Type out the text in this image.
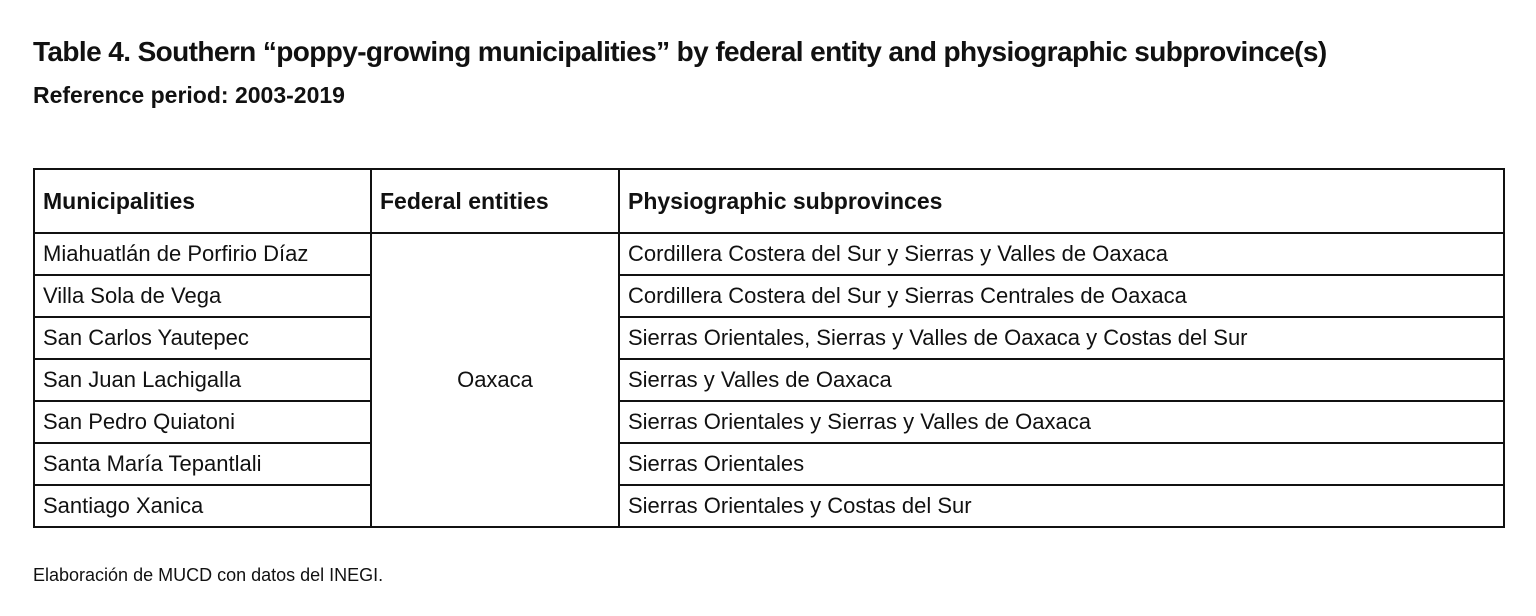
Table 4. Southern “poppy-growing municipalities” by federal entity and physiographic subprovince(s)
Reference period: 2003-2019
Municipalities	Federal entities	Physiographic subprovinces
Miahuatlán de Porfirio Díaz	Oaxaca	Cordillera Costera del Sur y Sierras y Valles de Oaxaca
Villa Sola de Vega		Cordillera Costera del Sur y Sierras Centrales de Oaxaca
San Carlos Yautepec		Sierras Orientales, Sierras y Valles de Oaxaca y Costas del Sur
San Juan Lachigalla		Sierras y Valles de Oaxaca
San Pedro Quiatoni		Sierras Orientales y Sierras y Valles de Oaxaca
Santa María Tepantlali		Sierras Orientales
Santiago Xanica		Sierras Orientales y Costas del Sur

Elaboración de MUCD con datos del INEGI.
